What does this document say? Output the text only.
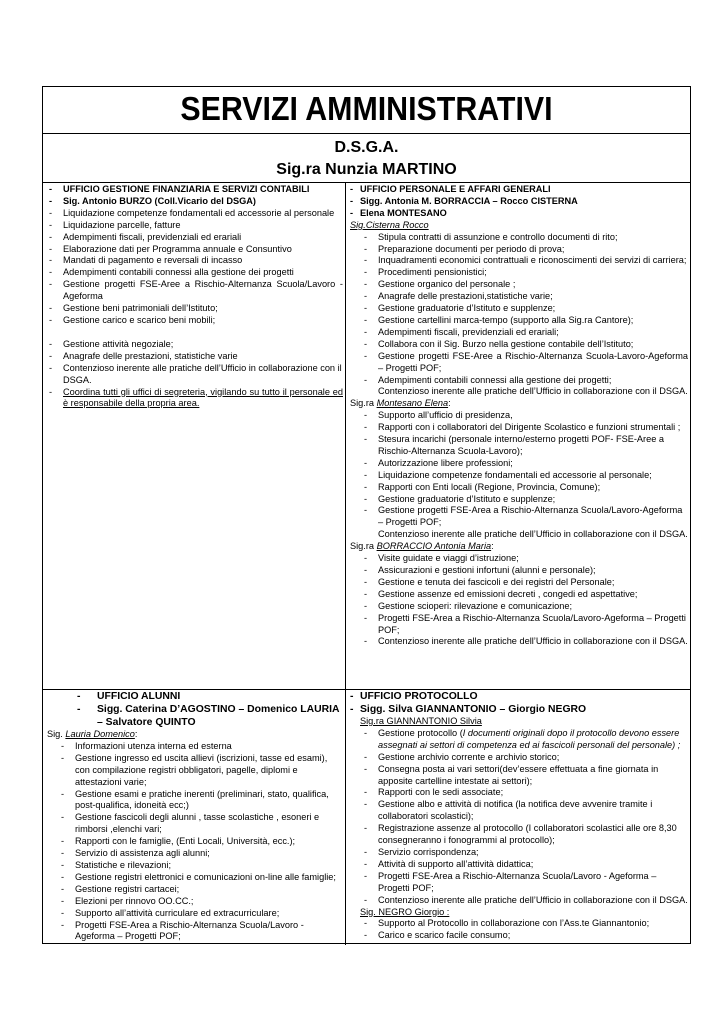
SERVIZI AMMINISTRATIVI
D.S.G.A.
Sig.ra Nunzia MARTINO
- UFFICIO GESTIONE FINANZIARIA E SERVIZI CONTABILI
- Sig. Antonio BURZO (Coll.Vicario del DSGA)
- Liquidazione competenze fondamentali ed accessorie al personale
- Liquidazione parcelle, fatture
- Adempimenti fiscali, previdenziali ed erariali
- Elaborazione dati per Programma annuale e Consuntivo
- Mandati di pagamento e reversali di incasso
- Adempimenti contabili connessi alla gestione dei progetti
- Gestione progetti FSE-Aree a Rischio-Alternanza Scuola/Lavoro - Ageforma
- Gestione beni patrimoniali dell’Istituto;
- Gestione carico e scarico beni mobili;
- Gestione attività negoziale;
- Anagrafe delle prestazioni, statistiche varie
- Contenzioso inerente alle pratiche dell’Ufficio in collaborazione con il DSGA.
- Coordina tutti gli uffici di segreteria, vigilando su tutto il personale ed è responsabile della propria area.
- UFFICIO PERSONALE E AFFARI GENERALI
- Sigg. Antonia M. BORRACCIA – Rocco CISTERNA
- Elena MONTESANO
Sig.Cisterna Rocco
- Stipula contratti di assunzione e controllo documenti di rito;
- Preparazione documenti per periodo di prova;
- Inquadramenti economici contrattuali e riconoscimenti dei servizi di carriera;
- Procedimenti pensionistici;
- Gestione organico del personale ;
- Anagrafe delle prestazioni,statistiche varie;
- Gestione graduatorie d’Istituto e supplenze;
- Gestione cartellini marca-tempo (supporto alla Sig.ra Cantore);
- Adempimenti fiscali, previdenziali ed erariali;
- Collabora con il Sig. Burzo nella gestione contabile dell’Istituto;
- Gestione progetti FSE-Aree a Rischio-Alternanza Scuola-Lavoro-Ageforma – Progetti POF;
- Adempimenti contabili connessi alla gestione dei progetti;
Contenzioso inerente alle pratiche dell’Ufficio in collaborazione con il DSGA.
Sig.ra Montesano Elena:
- Supporto all’ufficio di presidenza,
- Rapporti con i collaboratori del Dirigente Scolastico e funzioni strumentali ;
- Stesura incarichi (personale interno/esterno progetti POF- FSE-Aree a Rischio-Alternanza Scuola-Lavoro);
- Autorizzazione libere professioni;
- Liquidazione competenze fondamentali ed accessorie al personale;
- Rapporti con Enti locali (Regione, Provincia, Comune);
- Gestione graduatorie d’Istituto e supplenze;
- Gestione progetti FSE-Area a Rischio-Alternanza Scuola/Lavoro-Ageforma – Progetti POF;
Contenzioso inerente alle pratiche dell’Ufficio in collaborazione con il DSGA.
Sig.ra BORRACCIO Antonia Maria:
- Visite guidate e viaggi d’istruzione;
- Assicurazioni e gestioni infortuni (alunni e personale);
- Gestione e tenuta dei fascicoli e dei registri del Personale;
- Gestione assenze ed emissioni decreti , congedi ed aspettative;
- Gestione scioperi: rilevazione e comunicazione;
- Progetti FSE-Area a Rischio-Alternanza Scuola/Lavoro-Ageforma – Progetti POF;
- Contenzioso inerente alle pratiche dell’Ufficio in collaborazione con il DSGA.
- UFFICIO ALUNNI
- Sigg. Caterina D’AGOSTINO – Domenico LAURIA – Salvatore QUINTO
Sig. Lauria Domenico:
- Informazioni utenza interna ed esterna
- Gestione ingresso ed uscita allievi (iscrizioni, tasse ed esami), con compilazione registri obbligatori, pagelle, diplomi e attestazioni varie;
- Gestione esami e pratiche inerenti (preliminari, stato, qualifica, post-qualifica, idoneità ecc;)
- Gestione fascicoli degli alunni , tasse scolastiche , esoneri e rimborsi ,elenchi vari;
- Rapporti con le famiglie, (Enti Locali, Università, ecc.);
- Servizio di assistenza agli alunni;
- Statistiche e rilevazioni;
- Gestione registri elettronici e comunicazioni on-line alle famiglie;
- Gestione registri cartacei;
- Elezioni per rinnovo OO.CC.;
- Supporto all’attività curriculare ed extracurriculare;
- Progetti FSE-Area a Rischio-Alternanza Scuola/Lavoro - Ageforma – Progetti POF;
- UFFICIO PROTOCOLLO
- Sigg. Silva GIANNANTONIO – Giorgio NEGRO
Sig.ra GIANNANTONIO Silvia
- Gestione protocollo (I documenti originali dopo il protocollo devono essere assegnati ai settori di competenza ed ai fascicoli personali del personale) ;
- Gestione archivio corrente e archivio storico;
- Consegna posta ai vari settori(dev’essere effettuata a fine giornata in apposite cartelline intestate ai settori);
- Rapporti con le sedi associate;
- Gestione albo e attività di notifica (la notifica deve avvenire tramite i collaboratori scolastici);
- Registrazione assenze al protocollo (I collaboratori scolastici alle ore 8,30 consegneranno i fonogrammi al protocollo);
- Servizio corrispondenza;
- Attività di supporto all’attività didattica;
- Progetti FSE-Area a Rischio-Alternanza Scuola/Lavoro - Ageforma – Progetti POF;
- Contenzioso inerente alle pratiche dell’Ufficio in collaborazione con il DSGA.
Sig. NEGRO Giorgio :
- Supporto al Protocollo in collaborazione con l’Ass.te Giannantonio;
- Carico e scarico facile consumo;
